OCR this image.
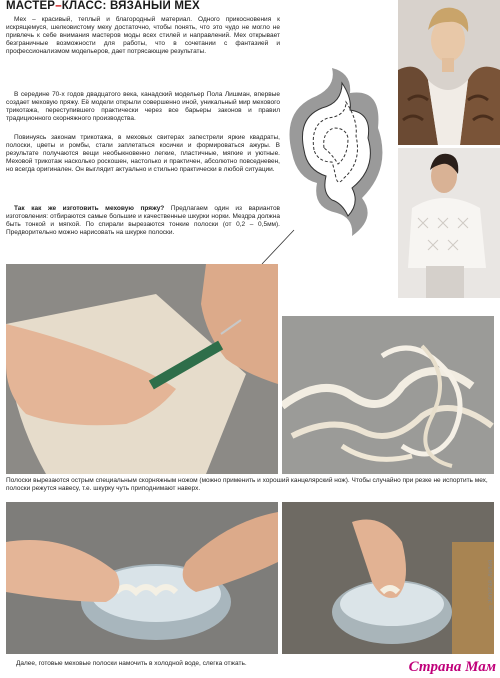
МАСТЕР–КЛАСС: ВЯЗАНЫЙ МЕХ

Мех – красивый, теплый и благородный материал. Одного прикосновения к искрящемуся, шелковистому меху достаточно, чтобы понять, что это чудо не могло не привлечь к себе внимания мастеров моды всех стилей и направлений. Мех открывает безграничные возможности для работы, что в сочетании с фантазией и профессионализмом модельеров, дает потрясающие результаты.

В середине 70-х годов двадцатого века, канадский модельер Пола Лишман, впервые создает меховую пряжу. Её модели открыли совершенно иной, уникальный мир мехового трикотажа, переступившего практически через все барьеры законов и правил традиционного скорняжного производства.

Повинуясь законам трикотажа, в меховых свитерах запестрели яркие квадраты, полоски, цветы и ромбы, стали заплетаться косички и формироваться ажуры. В результате получаются вещи необыкновенно легкие, пластичные, мягкие и уютные. Меховой трикотаж насколько роскошен, настолько и практичен, абсолютно повседневен, но всегда оригинален. Он выглядит актуально и стильно практически в любой ситуации.

Так как же изготовить меховую пряжу? Предлагаем один из вариантов изготовления: отбираются самые большие и качественные шкурки норки. Мездра должна быть тонкой и мягкой. По спирали вырезаются тонкие полоски (от 0,2 – 0,5мм). Предворительно можно нарисовать на шкурке полоски.

Полоски вырезаются острым специальным скорняжным ножом (можно применить и хороший канцелярский нож). Чтобы случайно при резке не испортить мех, полоски режутся навесу, т.е. шкурку чуть приподнимают наверх.
Далее, готовые меховые полоски намочить в холодной воде, слегка отжать.
©Золотая_лилия
Страна Мам
